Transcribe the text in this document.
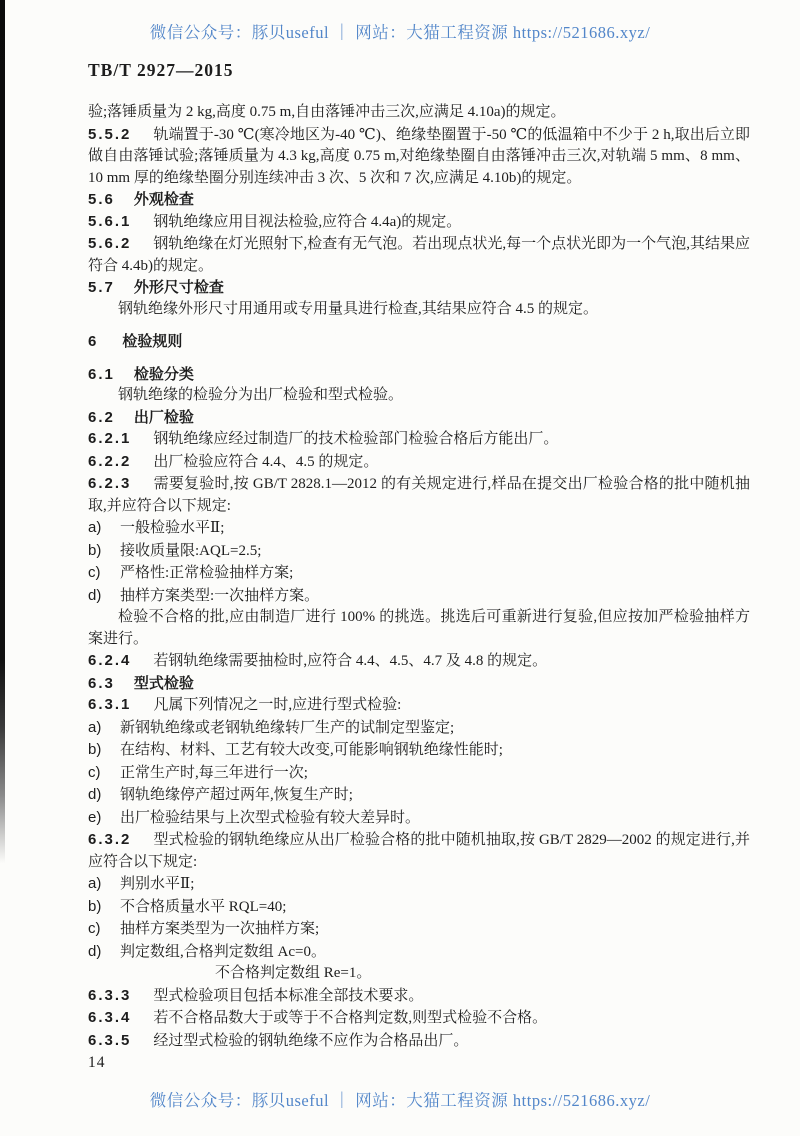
微信公众号：豚贝useful ｜ 网站：大猫工程资源 https://521686.xyz/
TB/T 2927—2015

验;落锤质量为 2 kg,高度 0.75 m,自由落锤冲击三次,应满足 4.10a)的规定。

5.5.2 轨端置于-30 ℃(寒冷地区为-40 ℃)、绝缘垫圈置于-50 ℃的低温箱中不少于 2 h,取出后立即做自由落锤试验;落锤质量为 4.3 kg,高度 0.75 m,对绝缘垫圈自由落锤冲击三次,对轨端 5 mm、8 mm、10 mm 厚的绝缘垫圈分别连续冲击 3 次、5 次和 7 次,应满足 4.10b)的规定。

5.6 外观检查

5.6.1 钢轨绝缘应用目视法检验,应符合 4.4a)的规定。

5.6.2 钢轨绝缘在灯光照射下,检查有无气泡。若出现点状光,每一个点状光即为一个气泡,其结果应符合 4.4b)的规定。

5.7 外形尺寸检查

钢轨绝缘外形尺寸用通用或专用量具进行检查,其结果应符合 4.5 的规定。

6 检验规则

6.1 检验分类

钢轨绝缘的检验分为出厂检验和型式检验。

6.2 出厂检验

6.2.1 钢轨绝缘应经过制造厂的技术检验部门检验合格后方能出厂。

6.2.2 出厂检验应符合 4.4、4.5 的规定。

6.2.3 需要复验时,按 GB/T 2828.1—2012 的有关规定进行,样品在提交出厂检验合格的批中随机抽取,并应符合以下规定:

a) 一般检验水平Ⅱ;

b) 接收质量限:AQL=2.5;

c) 严格性:正常检验抽样方案;

d) 抽样方案类型:一次抽样方案。

检验不合格的批,应由制造厂进行 100% 的挑选。挑选后可重新进行复验,但应按加严检验抽样方案进行。

6.2.4 若钢轨绝缘需要抽检时,应符合 4.4、4.5、4.7 及 4.8 的规定。

6.3 型式检验

6.3.1 凡属下列情况之一时,应进行型式检验:

a) 新钢轨绝缘或老钢轨绝缘转厂生产的试制定型鉴定;

b) 在结构、材料、工艺有较大改变,可能影响钢轨绝缘性能时;

c) 正常生产时,每三年进行一次;

d) 钢轨绝缘停产超过两年,恢复生产时;

e) 出厂检验结果与上次型式检验有较大差异时。

6.3.2 型式检验的钢轨绝缘应从出厂检验合格的批中随机抽取,按 GB/T 2829—2002 的规定进行,并应符合以下规定:

a) 判别水平Ⅱ;

b) 不合格质量水平 RQL=40;

c) 抽样方案类型为一次抽样方案;

d) 判定数组,合格判定数组 Ac=0。

不合格判定数组 Re=1。

6.3.3 型式检验项目包括本标准全部技术要求。

6.3.4 若不合格品数大于或等于不合格判定数,则型式检验不合格。

6.3.5 经过型式检验的钢轨绝缘不应作为合格品出厂。

14

微信公众号：豚贝useful ｜ 网站：大猫工程资源 https://521686.xyz/
